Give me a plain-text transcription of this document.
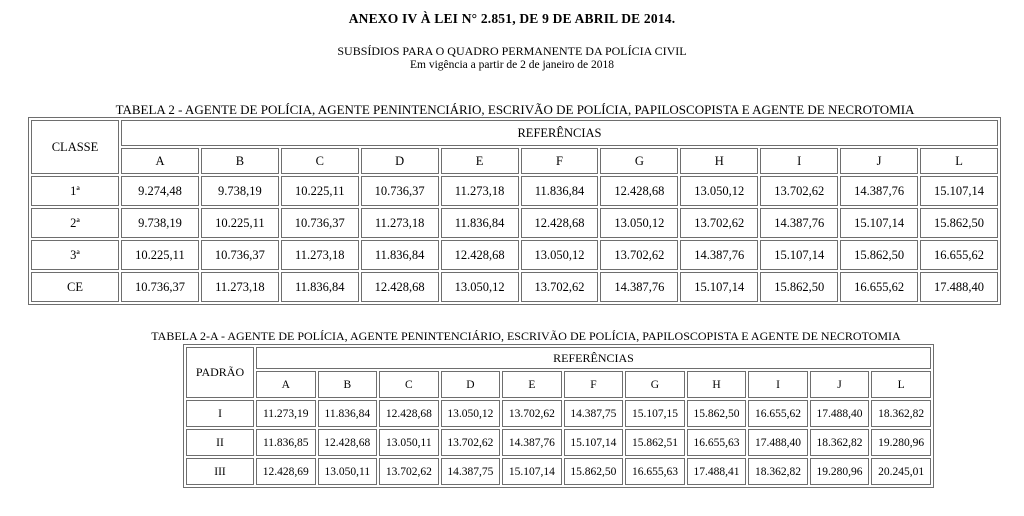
ANEXO IV À LEI N° 2.851, DE 9 DE ABRIL DE 2014.
SUBSÍDIOS PARA O QUADRO PERMANENTE DA POLÍCIA CIVIL
Em vigência a partir de 2 de janeiro de 2018
TABELA 2 - AGENTE DE POLÍCIA, AGENTE PENINTENCIÁRIO, ESCRIVÃO DE POLÍCIA, PAPILOSCOPISTA E AGENTE DE NECROTOMIA
CLASSE	REFERÊNCIAS										
	A	B	C	D	E	F	G	H	I	J	L
1ª	9.274,48	9.738,19	10.225,11	10.736,37	11.273,18	11.836,84	12.428,68	13.050,12	13.702,62	14.387,76	15.107,14
2ª	9.738,19	10.225,11	10.736,37	11.273,18	11.836,84	12.428,68	13.050,12	13.702,62	14.387,76	15.107,14	15.862,50
3ª	10.225,11	10.736,37	11.273,18	11.836,84	12.428,68	13.050,12	13.702,62	14.387,76	15.107,14	15.862,50	16.655,62
CE	10.736,37	11.273,18	11.836,84	12.428,68	13.050,12	13.702,62	14.387,76	15.107,14	15.862,50	16.655,62	17.488,40
TABELA 2-A - AGENTE DE POLÍCIA, AGENTE PENINTENCIÁRIO, ESCRIVÃO DE POLÍCIA, PAPILOSCOPISTA E AGENTE DE NECROTOMIA
PADRÃO	REFERÊNCIAS										
	A	B	C	D	E	F	G	H	I	J	L
I	11.273,19	11.836,84	12.428,68	13.050,12	13.702,62	14.387,75	15.107,15	15.862,50	16.655,62	17.488,40	18.362,82
II	11.836,85	12.428,68	13.050,11	13.702,62	14.387,76	15.107,14	15.862,51	16.655,63	17.488,40	18.362,82	19.280,96
III	12.428,69	13.050,11	13.702,62	14.387,75	15.107,14	15.862,50	16.655,63	17.488,41	18.362,82	19.280,96	20.245,01
